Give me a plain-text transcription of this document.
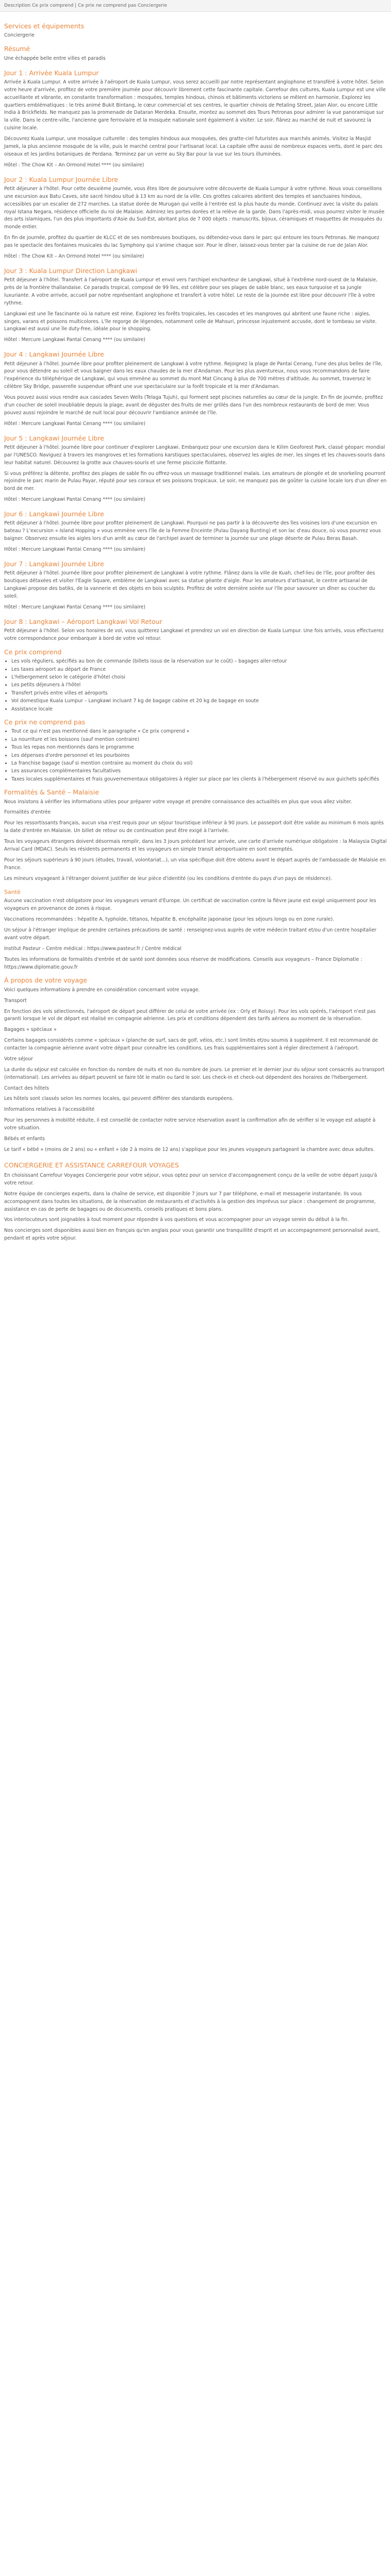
Description Ce prix comprend | Ce prix ne comprend pas Conciergerie
Services et équipements

Conciergerie

Résumé

Une échappée belle entre villes et paradis

Jour 1 : Arrivée Kuala Lumpur

Arrivée à Kuala Lumpur. A votre arrivée à l'aéroport de Kuala Lumpur, vous serez accueilli par notre représentant anglophone et transféré à votre hôtel. Selon votre heure d'arrivée, profitez de votre première journée pour découvrir librement cette fascinante capitale. Carrefour des cultures, Kuala Lumpur est une ville accueillante et vibrante, en constante transformation : mosquées, temples hindous, chinois et bâtiments victoriens se mêlent en harmonie. Explorez les quartiers emblématiques : le très animé Bukit Bintang, le cœur commercial et ses centres, le quartier chinois de Petaling Street, Jalan Alor, ou encore Little India à Brickfields. Ne manquez pas la promenade de Dataran Merdeka. Ensuite, montez au sommet des Tours Petronas pour admirer la vue panoramique sur la ville. Dans le centre-ville, l'ancienne gare ferroviaire et la mosquée nationale sont également à visiter. Le soir, flânez au marché de nuit et savourez la cuisine locale.

Découvrez Kuala Lumpur, une mosaïque culturelle : des temples hindous aux mosquées, des gratte-ciel futuristes aux marchés animés. Visitez la Masjid Jamek, la plus ancienne mosquée de la ville, puis le marché central pour l'artisanat local. La capitale offre aussi de nombreux espaces verts, dont le parc des oiseaux et les jardins botaniques de Perdana. Terminez par un verre au Sky Bar pour la vue sur les tours illuminées.

Hôtel : The Chow Kit – An Ormond Hotel **** (ou similaire)

Jour 2 : Kuala Lumpur Journée Libre

Petit déjeuner à l'hôtel. Pour cette deuxième journée, vous êtes libre de poursuivre votre découverte de Kuala Lumpur à votre rythme. Nous vous conseillons une excursion aux Batu Caves, site sacré hindou situé à 13 km au nord de la ville. Ces grottes calcaires abritent des temples et sanctuaires hindous, accessibles par un escalier de 272 marches. La statue dorée de Murugan qui veille à l'entrée est la plus haute du monde. Continuez avec la visite du palais royal Istana Negara, résidence officielle du roi de Malaisie. Admirez les portes dorées et la relève de la garde. Dans l'après-midi, vous pourrez visiter le musée des arts islamiques, l'un des plus importants d'Asie du Sud-Est, abritant plus de 7 000 objets : manuscrits, bijoux, céramiques et maquettes de mosquées du monde entier.

En fin de journée, profitez du quartier de KLCC et de ses nombreuses boutiques, ou détendez-vous dans le parc qui entoure les tours Petronas. Ne manquez pas le spectacle des fontaines musicales du lac Symphony qui s'anime chaque soir. Pour le dîner, laissez-vous tenter par la cuisine de rue de Jalan Alor.

Hôtel : The Chow Kit – An Ormond Hotel **** (ou similaire)

Jour 3 : Kuala Lumpur Direction Langkawi

Petit déjeuner à l'hôtel. Transfert à l'aéroport de Kuala Lumpur et envol vers l'archipel enchanteur de Langkawi, situé à l'extrême nord-ouest de la Malaisie, près de la frontière thaïlandaise. Ce paradis tropical, composé de 99 îles, est célèbre pour ses plages de sable blanc, ses eaux turquoise et sa jungle luxuriante. A votre arrivée, accueil par notre représentant anglophone et transfert à votre hôtel. Le reste de la journée est libre pour découvrir l'île à votre rythme.

Langkawi est une île fascinante où la nature est reine. Explorez les forêts tropicales, les cascades et les mangroves qui abritent une faune riche : aigles, singes, varans et poissons multicolores. L'île regorge de légendes, notamment celle de Mahsuri, princesse injustement accusée, dont le tombeau se visite. Langkawi est aussi une île duty-free, idéale pour le shopping.

Hôtel : Mercure Langkawi Pantai Cenang **** (ou similaire)

Jour 4 : Langkawi Journée Libre

Petit déjeuner à l'hôtel. Journée libre pour profiter pleinement de Langkawi à votre rythme. Rejoignez la plage de Pantai Cenang, l'une des plus belles de l'île, pour vous détendre au soleil et vous baigner dans les eaux chaudes de la mer d'Andaman. Pour les plus aventureux, nous vous recommandons de faire l'expérience du téléphérique de Langkawi, qui vous emmène au sommet du mont Mat Cincang à plus de 700 mètres d'altitude. Au sommet, traversez le célèbre Sky Bridge, passerelle suspendue offrant une vue spectaculaire sur la forêt tropicale et la mer d'Andaman.

Vous pouvez aussi vous rendre aux cascades Seven Wells (Telaga Tujuh), qui forment sept piscines naturelles au cœur de la jungle. En fin de journée, profitez d'un coucher de soleil inoubliable depuis la plage, avant de déguster des fruits de mer grillés dans l'un des nombreux restaurants de bord de mer. Vous pouvez aussi rejoindre le marché de nuit local pour découvrir l'ambiance animée de l'île.

Hôtel : Mercure Langkawi Pantai Cenang **** (ou similaire)

Jour 5 : Langkawi Journée Libre

Petit déjeuner à l'hôtel. Journée libre pour continuer d'explorer Langkawi. Embarquez pour une excursion dans le Kilim Geoforest Park, classé géoparc mondial par l'UNESCO. Naviguez à travers les mangroves et les formations karstiques spectaculaires, observez les aigles de mer, les singes et les chauves-souris dans leur habitat naturel. Découvrez la grotte aux chauves-souris et une ferme piscicole flottante.

Si vous préférez la détente, profitez des plages de sable fin ou offrez-vous un massage traditionnel malais. Les amateurs de plongée et de snorkeling pourront rejoindre le parc marin de Pulau Payar, réputé pour ses coraux et ses poissons tropicaux. Le soir, ne manquez pas de goûter la cuisine locale lors d'un dîner en bord de mer.

Hôtel : Mercure Langkawi Pantai Cenang **** (ou similaire)

Jour 6 : Langkawi Journée Libre

Petit déjeuner à l'hôtel. Journée libre pour profiter pleinement de Langkawi. Pourquoi ne pas partir à la découverte des îles voisines lors d'une excursion en bateau ? L'excursion « Island Hopping » vous emmène vers l'île de la Femme Enceinte (Pulau Dayang Bunting) et son lac d'eau douce, où vous pourrez vous baigner. Observez ensuite les aigles lors d'un arrêt au cœur de l'archipel avant de terminer la journée sur une plage déserte de Pulau Beras Basah.

Hôtel : Mercure Langkawi Pantai Cenang **** (ou similaire)

Jour 7 : Langkawi Journée Libre

Petit déjeuner à l'hôtel. Journée libre pour profiter pleinement de Langkawi à votre rythme. Flânez dans la ville de Kuah, chef-lieu de l'île, pour profiter des boutiques détaxées et visiter l'Eagle Square, emblème de Langkawi avec sa statue géante d'aigle. Pour les amateurs d'artisanat, le centre artisanal de Langkawi propose des batiks, de la vannerie et des objets en bois sculptés. Profitez de votre dernière soirée sur l'île pour savourer un dîner au coucher du soleil.

Hôtel : Mercure Langkawi Pantai Cenang **** (ou similaire)

Jour 8 : Langkawi – Aéroport Langkawi Vol Retour

Petit déjeuner à l'hôtel. Selon vos horaires de vol, vous quitterez Langkawi et prendrez un vol en direction de Kuala Lumpur. Une fois arrivés, vous effectuerez votre correspondance pour embarquer à bord de votre vol retour.

Ce prix comprend
• Les vols réguliers, spécifiés au bon de commande (billets issus de la réservation sur le coût) – bagages aller-retour
• Les taxes aéroport au départ de France
• L'hébergement selon le catégorie d'hôtel choisi
• Les petits déjeuners à l'hôtel
• Transfert privés entre villes et aéroports
• Vol domestique Kuala Lumpur – Langkawi incluant 7 kg de bagage cabine et 20 kg de bagage en soute
• Assistance locale
Ce prix ne comprend pas
• Tout ce qui n'est pas mentionné dans le paragraphe « Ce prix comprend »
• La nourriture et les boissons (sauf mention contraire)
• Tous les repas non mentionnés dans le programme
• Les dépenses d'ordre personnel et les pourboires
• La franchise bagage (sauf si mention contraire au moment du choix du vol)
• Les assurances complémentaires facultatives
• Taxes locales supplémentaires et frais gouvernementaux obligatoires à régler sur place par les clients à l'hébergement réservé ou aux guichets spécifiés
Formalités & Santé – Malaisie

Nous insistons à vérifier les informations utiles pour préparer votre voyage et prendre connaissance des actualités en plus que vous allez visiter.

Formalités d'entrée

Pour les ressortissants français, aucun visa n'est requis pour un séjour touristique inférieur à 90 jours. Le passeport doit être valide au minimum 6 mois après la date d'entrée en Malaisie. Un billet de retour ou de continuation peut être exigé à l'arrivée.

Tous les voyageurs étrangers doivent désormais remplir, dans les 3 jours précédant leur arrivée, une carte d'arrivée numérique obligatoire : la Malaysia Digital Arrival Card (MDAC). Seuls les résidents permanents et les voyageurs en simple transit aéroportuaire en sont exemptés.

Pour les séjours supérieurs à 90 jours (études, travail, volontariat...), un visa spécifique doit être obtenu avant le départ auprès de l'ambassade de Malaisie en France.

Les mineurs voyageant à l'étranger doivent justifier de leur pièce d'identité (ou les conditions d'entrée du pays d'un pays de résidence).

Santé

Aucune vaccination n'est obligatoire pour les voyageurs venant d'Europe. Un certificat de vaccination contre la fièvre jaune est exigé uniquement pour les voyageurs en provenance de zones à risque.

Vaccinations recommandées : hépatite A, typhoïde, tétanos, hépatite B, encéphalite japonaise (pour les séjours longs ou en zone rurale).

Un séjour à l'étranger implique de prendre certaines précautions de santé : renseignez-vous auprès de votre médecin traitant et/ou d'un centre hospitalier avant votre départ.

Institut Pasteur – Centre médical : https://www.pasteur.fr / Centre médical

Toutes les informations de formalités d'entrée et de santé sont données sous réserve de modifications. Conseils aux voyageurs – France Diplomatie : https://www.diplomatie.gouv.fr

À propos de votre voyage

Voici quelques informations à prendre en considération concernant votre voyage.

Transport

En fonction des vols sélectionnés, l'aéroport de départ peut différer de celui de votre arrivée (ex : Orly et Roissy). Pour les vols opérés, l'aéroport n'est pas garanti lorsque le vol de départ est réalisé en compagnie aérienne. Les prix et conditions dépendent des tarifs aériens au moment de la réservation.

Bagages « spéciaux »

Certains bagages considérés comme « spéciaux » (planche de surf, sacs de golf, vélos, etc.) sont limités et/ou soumis à supplément. Il est recommandé de contacter la compagnie aérienne avant votre départ pour connaître les conditions. Les frais supplémentaires sont à régler directement à l'aéroport.

Votre séjour

La durée du séjour est calculée en fonction du nombre de nuits et non du nombre de jours. Le premier et le dernier jour du séjour sont consacrés au transport (international). Les arrivées au départ peuvent se faire tôt le matin ou tard le soir. Les check-in et check-out dépendent des horaires de l'hébergement.

Contact des hôtels

Les hôtels sont classés selon les normes locales, qui peuvent différer des standards européens.

Informations relatives à l'accessibilité

Pour les personnes à mobilité réduite, il est conseillé de contacter notre service réservation avant la confirmation afin de vérifier si le voyage est adapté à votre situation.

Bébés et enfants

Le tarif « bébé » (moins de 2 ans) ou « enfant » (de 2 à moins de 12 ans) s'applique pour les jeunes voyageurs partageant la chambre avec deux adultes.

CONCIERGERIE ET ASSISTANCE CARREFOUR VOYAGES

En choisissant Carrefour Voyages Conciergerie pour votre séjour, vous optez pour un service d'accompagnement conçu de la veille de votre départ jusqu'à votre retour.

Notre équipe de concierges experts, dans la chaîne de service, est disponible 7 jours sur 7 par téléphone, e-mail et messagerie instantanée. Ils vous accompagnent dans toutes les situations, de la réservation de restaurants et d'activités à la gestion des imprévus sur place : changement de programme, assistance en cas de perte de bagages ou de documents, conseils pratiques et bons plans.

Vos interlocuteurs sont joignables à tout moment pour répondre à vos questions et vous accompagner pour un voyage serein du début à la fin.

Nos concierges sont disponibles aussi bien en français qu'en anglais pour vous garantir une tranquillité d'esprit et un accompagnement personnalisé avant, pendant et après votre séjour.
